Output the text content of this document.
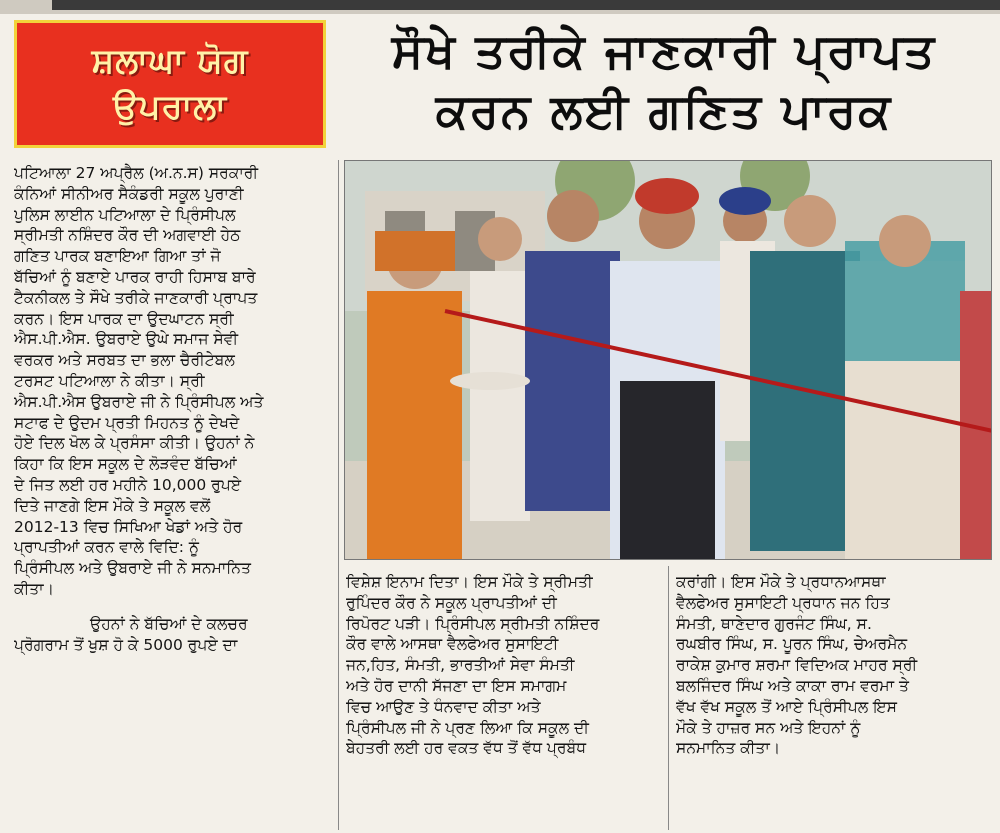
ਸ਼ਲਾਘਾ ਯੋਗ
ਉਪਰਾਲਾ
ਸੌਖੇ ਤਰੀਕੇ ਜਾਣਕਾਰੀ ਪ੍ਰਾਪਤ
ਕਰਨ ਲਈ ਗਣਿਤ ਪਾਰਕ

ਪਟਿਆਲਾ 27 ਅਪ੍ਰੈਲ (ਅ.ਨ.ਸ) ਸਰਕਾਰੀ

ਕੰਨਿਆਂ ਸੀਨੀਅਰ ਸੈਕੰਡਰੀ ਸਕੂਲ ਪੁਰਾਣੀ

ਪੁਲਿਸ ਲਾਈਨ ਪਟਿਆਲਾ ਦੇ ਪ੍ਰਿੰਸੀਪਲ

ਸ੍ਰੀਮਤੀ ਨਸ਼ਿੰਦਰ ਕੌਰ ਦੀ ਅਗਵਾਈ ਹੇਠ

ਗਣਿਤ ਪਾਰਕ ਬਣਾਇਆ ਗਿਆ ਤਾਂ ਜੋ

ਬੱਚਿਆਂ ਨੂੰ ਬਣਾਏ ਪਾਰਕ ਰਾਹੀ ਹਿਸਾਬ ਬਾਰੇ

ਟੈਕਨੀਕਲ ਤੇ ਸੌਖੇ ਤਰੀਕੇ ਜਾਣਕਾਰੀ ਪ੍ਰਾਪਤ

ਕਰਨ। ਇਸ ਪਾਰਕ ਦਾ ਉਦਘਾਟਨ ਸ੍ਰੀ

ਐਸ.ਪੀ.ਐਸ. ਉਬਰਾਏ ਉਘੇ ਸਮਾਜ ਸੇਵੀ

ਵਰਕਰ ਅਤੇ ਸਰਬਤ ਦਾ ਭਲਾ ਚੈਰੀਟੇਬਲ

ਟਰਸਟ ਪਟਿਆਲਾ ਨੇ ਕੀਤਾ। ਸ੍ਰੀ

ਐਸ.ਪੀ.ਐਸ ਉਬਰਾਏ ਜੀ ਨੇ ਪ੍ਰਿੰਸੀਪਲ ਅਤੇ

ਸਟਾਫ ਦੇ ਉਦਮ ਪ੍ਰਤੀ ਮਿਹਨਤ ਨੂੰ ਦੇਖਦੇ

ਹੋਏ ਦਿਲ ਖੋਲ ਕੇ ਪ੍ਰਸੰਸਾ ਕੀਤੀ। ਉਹਨਾਂ ਨੇ

ਕਿਹਾ ਕਿ ਇਸ ਸਕੂਲ ਦੇ ਲੋੜਵੰਦ ਬੱਚਿਆਂ

ਦੇ ਜਿਤ ਲਈ ਹਰ ਮਹੀਨੇ 10,000 ਰੁਪਏ

ਦਿਤੇ ਜਾਣਗੇ ਇਸ ਮੌਕੇ ਤੇ ਸਕੂਲ ਵਲੋਂ

2012-13 ਵਿਚ ਸਿਖਿਆ ਖੇਡਾਂ ਅਤੇ ਹੋਰ

ਪ੍ਰਾਪਤੀਆਂ ਕਰਨ ਵਾਲੇ ਵਿਦਿ: ਨੂੰ

ਪ੍ਰਿੰਸੀਪਲ ਅਤੇ ਉਬਰਾਏ ਜੀ ਨੇ ਸਨਮਾਨਿਤ

ਕੀਤਾ।

ਉਹਨਾਂ ਨੇ ਬੱਚਿਆਂ ਦੇ ਕਲਚਰ

ਪ੍ਰੋਗਰਾਮ ਤੋਂ ਖੁਸ਼ ਹੋ ਕੇ 5000 ਰੁਪਏ ਦਾ

ਵਿਸ਼ੇਸ਼ ਇਨਾਮ ਦਿਤਾ। ਇਸ ਮੌਕੇ ਤੇ ਸ੍ਰੀਮਤੀ

ਰੁਪਿੰਦਰ ਕੌਰ ਨੇ ਸਕੂਲ ਪ੍ਰਾਪਤੀਆਂ ਦੀ

ਰਿਪੋਰਟ ਪੜੀ। ਪ੍ਰਿੰਸੀਪਲ ਸ੍ਰੀਮਤੀ ਨਸ਼ਿੰਦਰ

ਕੌਰ ਵਾਲੇ ਆਸਥਾ ਵੈਲਫੇਅਰ ਸੁਸਾਇਟੀ

ਜਨ,ਹਿਤ, ਸੰਮਤੀ, ਭਾਰਤੀਆਂ ਸੇਵਾ ਸੰਮਤੀ

ਅਤੇ ਹੋਰ ਦਾਨੀ ਸੱਜਣਾ ਦਾ ਇਸ ਸਮਾਗਮ

ਵਿਚ ਆਉਣ ਤੇ ਧੰਨਵਾਦ ਕੀਤਾ ਅਤੇ

ਪ੍ਰਿੰਸੀਪਲ ਜੀ ਨੇ ਪ੍ਰਣ ਲਿਆ ਕਿ ਸਕੂਲ ਦੀ

ਬੇਹਤਰੀ ਲਈ ਹਰ ਵਕਤ ਵੱਧ ਤੋਂ ਵੱਧ ਪ੍ਰਬੰਧ

ਕਰਾਂਗੀ। ਇਸ ਮੌਕੇ ਤੇ ਪ੍ਰਧਾਨਆਸਥਾ

ਵੈਲਫੇਅਰ ਸੁਸਾਇਟੀ ਪ੍ਰਧਾਨ ਜਨ ਹਿਤ

ਸੰਮਤੀ, ਥਾਣੇਦਾਰ ਗੁਰਜੰਟ ਸਿੰਘ, ਸ.

ਰਘਬੀਰ ਸਿੰਘ, ਸ. ਪੂਰਨ ਸਿੰਘ, ਚੇਅਰਮੈਨ

ਰਾਕੇਸ਼ ਕੁਮਾਰ ਸ਼ਰਮਾ ਵਿਦਿਅਕ ਮਾਹਰ ਸ੍ਰੀ

ਬਲਜਿੰਦਰ ਸਿੰਘ ਅਤੇ ਕਾਕਾ ਰਾਮ ਵਰਮਾ ਤੇ

ਵੱਖ ਵੱਖ ਸਕੂਲ ਤੋਂ ਆਏ ਪ੍ਰਿੰਸੀਪਲ ਇਸ

ਮੌਕੇ ਤੇ ਹਾਜ਼ਰ ਸਨ ਅਤੇ ਇਹਨਾਂ ਨੂੰ

ਸਨਮਾਨਿਤ ਕੀਤਾ।
